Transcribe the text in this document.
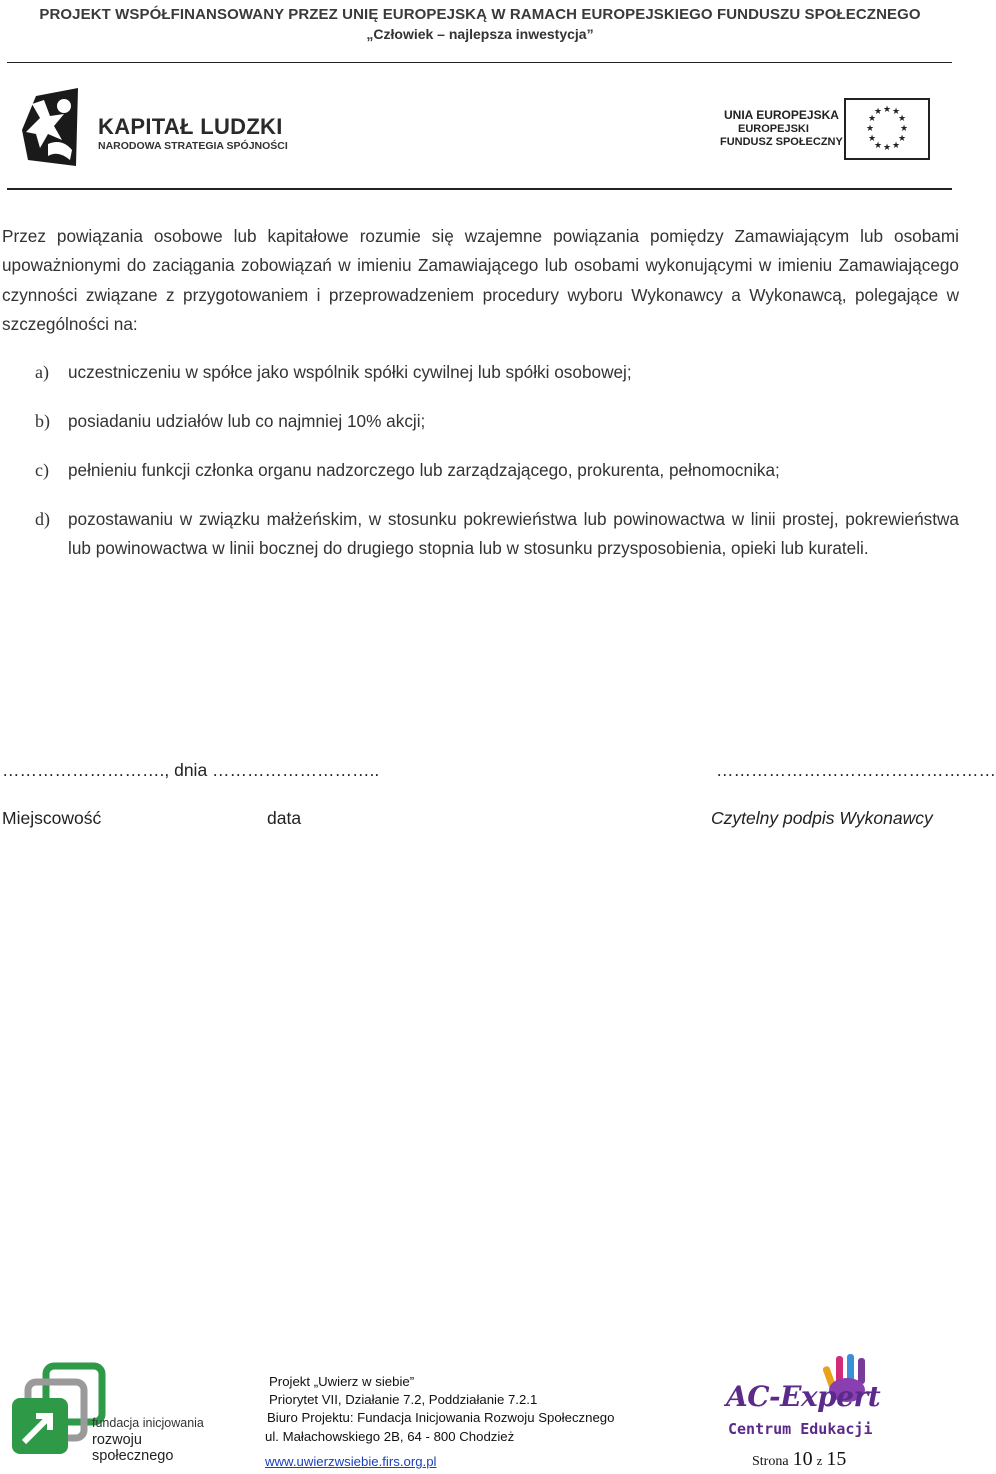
PROJEKT WSPÓŁFINANSOWANY PRZEZ UNIĘ EUROPEJSKĄ W RAMACH EUROPEJSKIEGO FUNDUSZU SPOŁECZNEGO
„Człowiek – najlepsza inwestycja”
KAPITAŁ LUDZKI
NARODOWA STRATEGIA SPÓJNOŚCI
UNIA EUROPEJSKA
EUROPEJSKI
FUNDUSZ SPOŁECZNY
★ ★
★
★
★
★
★
★
★
★
★
★
Przez powiązania osobowe lub kapitałowe rozumie się wzajemne powiązania pomiędzy Zamawiającym lub osobami upoważnionymi do zaciągania zobowiązań w imieniu Zamawiającego lub osobami wykonującymi w imieniu Zamawiającego czynności związane z przygotowaniem i przeprowadzeniem procedury wyboru Wykonawcy a Wykonawcą, polegające w szczególności na:
a) uczestniczeniu w spółce jako wspólnik spółki cywilnej lub spółki osobowej;
b) posiadaniu udziałów lub co najmniej 10% akcji;
c) pełnieniu funkcji członka organu nadzorczego lub zarządzającego, prokurenta, pełnomocnika;
d) pozostawaniu w związku małżeńskim, w stosunku pokrewieństwa lub powinowactwa w linii prostej, pokrewieństwa lub powinowactwa w linii bocznej do drugiego stopnia lub w stosunku przysposobienia, opieki lub kurateli.
………………………., dnia ………………………..	…………………………………………
Miejscowość	data	Czytelny podpis Wykonawcy
fundacja inicjowania
rozwoju społecznego
Projekt „Uwierz w siebie”
Priorytet VII, Działanie 7.2, Poddziałanie 7.2.1
Biuro Projektu: Fundacja Inicjowania Rozwoju Społecznego
ul. Małachowskiego 2B, 64 - 800 Chodzież
www.uwierzwsiebie.firs.org.pl
AC-Expert
Centrum Edukacji
Strona 10 z 15
